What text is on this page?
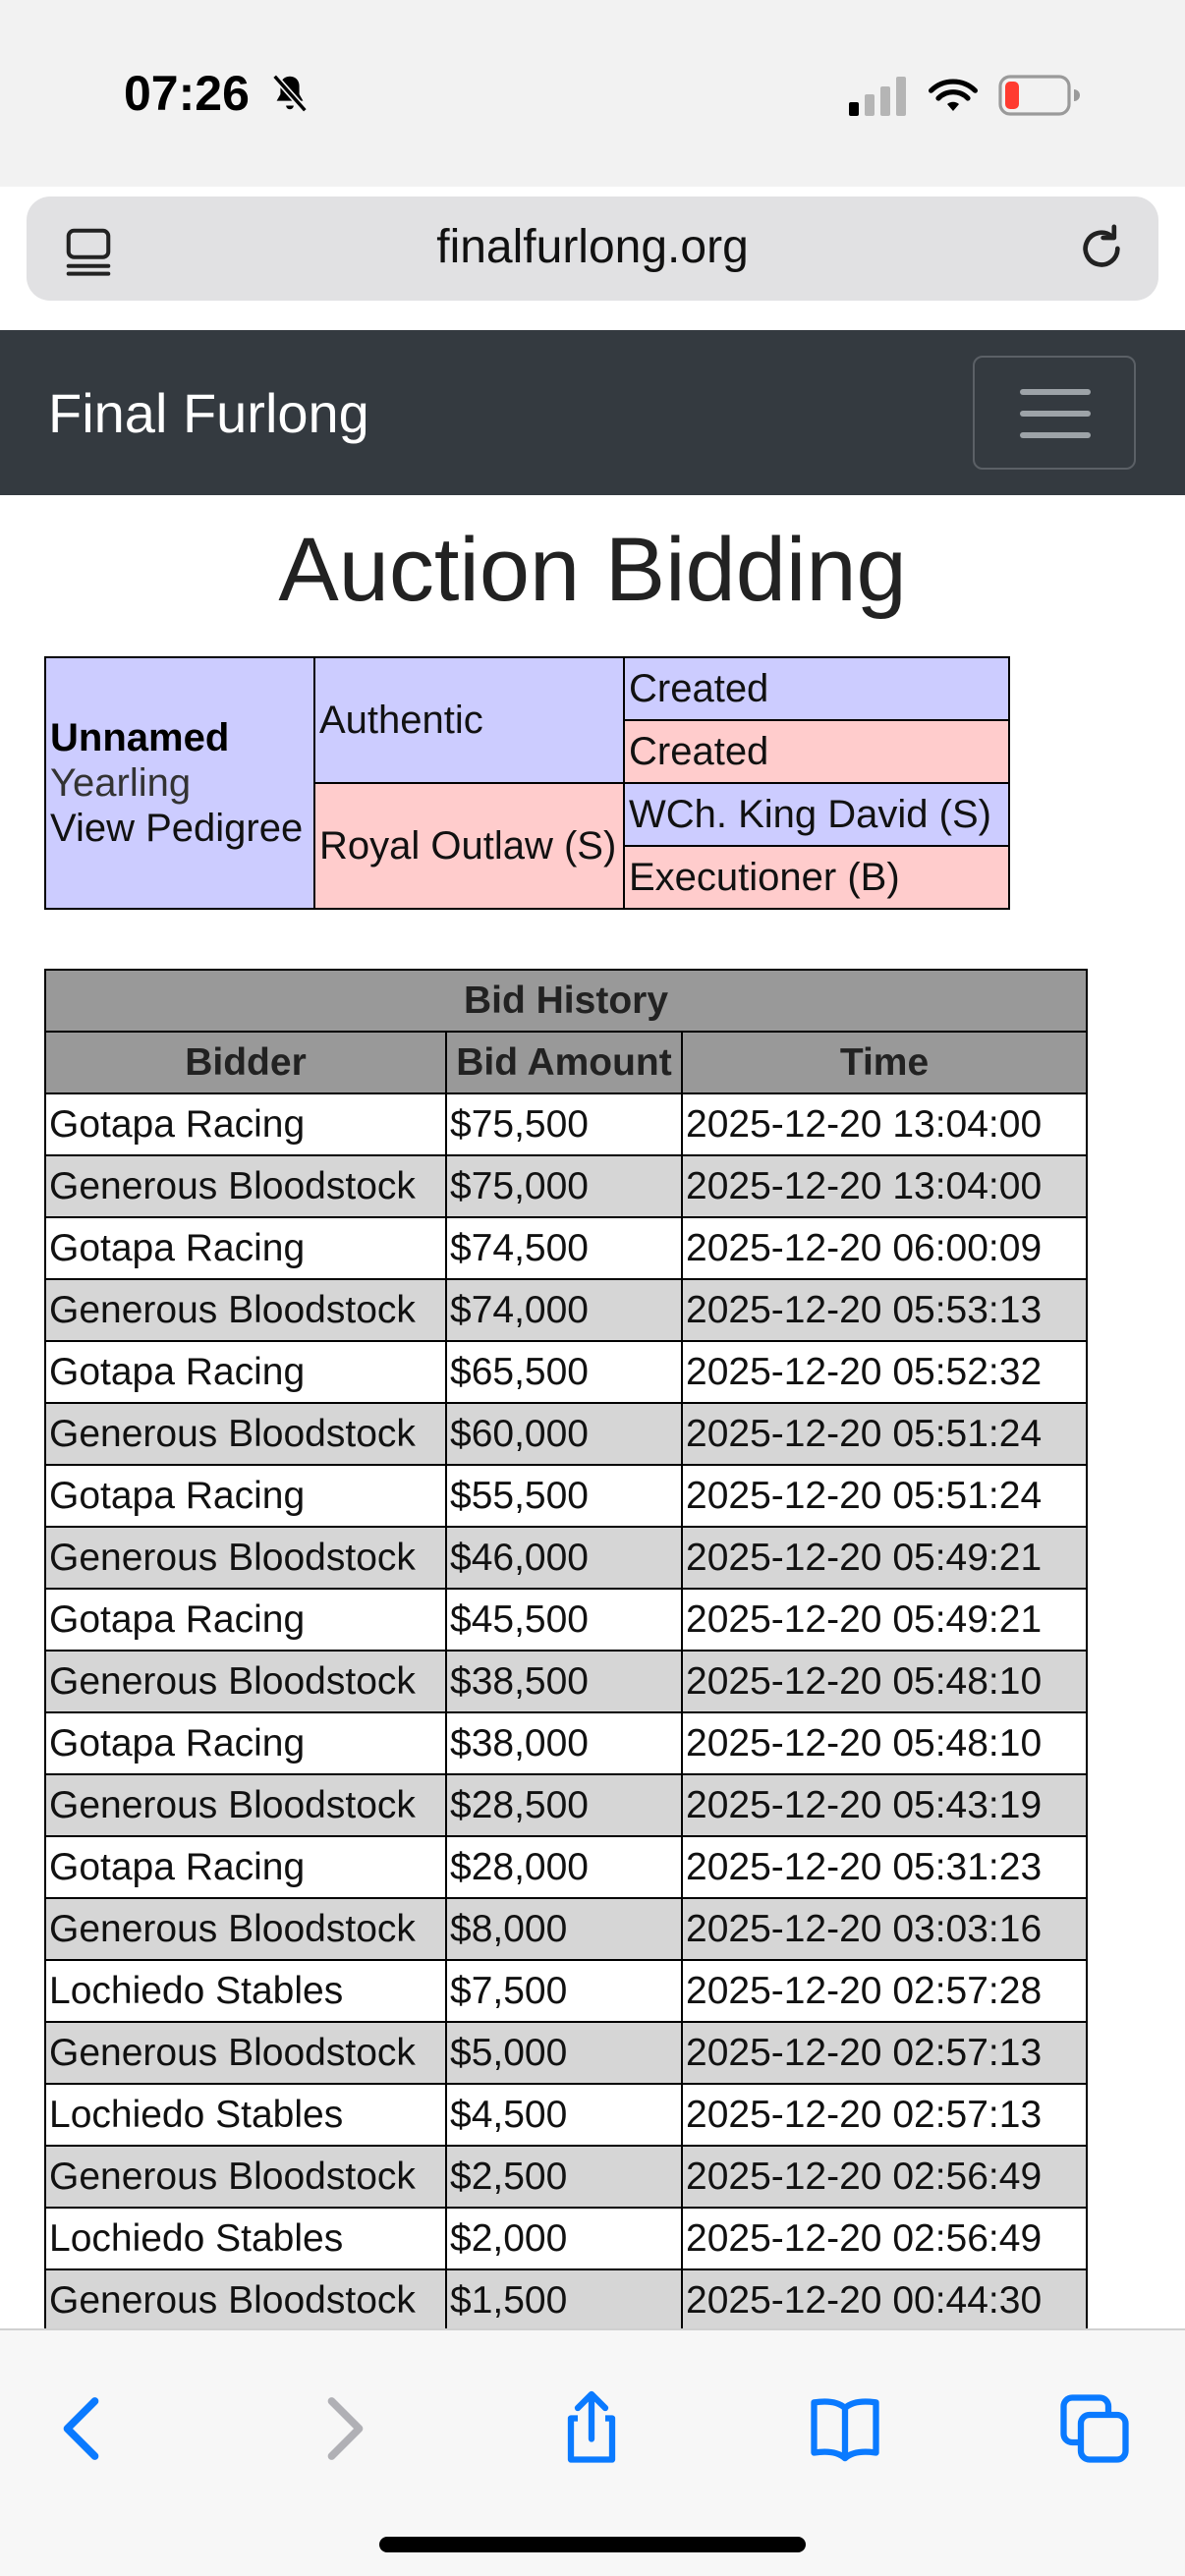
07:26
finalfurlong.org
Final Furlong
Auction Bidding
Unnamed
Yearling
View Pedigree	Authentic	Created
		Created
	Royal Outlaw (S)	WCh. King David (S)
		Executioner (B)
Bid History		
Bidder	Bid Amount	Time
Gotapa Racing	$75,500	2025-12-20 13:04:00
Generous Bloodstock	$75,000	2025-12-20 13:04:00
Gotapa Racing	$74,500	2025-12-20 06:00:09
Generous Bloodstock	$74,000	2025-12-20 05:53:13
Gotapa Racing	$65,500	2025-12-20 05:52:32
Generous Bloodstock	$60,000	2025-12-20 05:51:24
Gotapa Racing	$55,500	2025-12-20 05:51:24
Generous Bloodstock	$46,000	2025-12-20 05:49:21
Gotapa Racing	$45,500	2025-12-20 05:49:21
Generous Bloodstock	$38,500	2025-12-20 05:48:10
Gotapa Racing	$38,000	2025-12-20 05:48:10
Generous Bloodstock	$28,500	2025-12-20 05:43:19
Gotapa Racing	$28,000	2025-12-20 05:31:23
Generous Bloodstock	$8,000	2025-12-20 03:03:16
Lochiedo Stables	$7,500	2025-12-20 02:57:28
Generous Bloodstock	$5,000	2025-12-20 02:57:13
Lochiedo Stables	$4,500	2025-12-20 02:57:13
Generous Bloodstock	$2,500	2025-12-20 02:56:49
Lochiedo Stables	$2,000	2025-12-20 02:56:49
Generous Bloodstock	$1,500	2025-12-20 00:44:30
